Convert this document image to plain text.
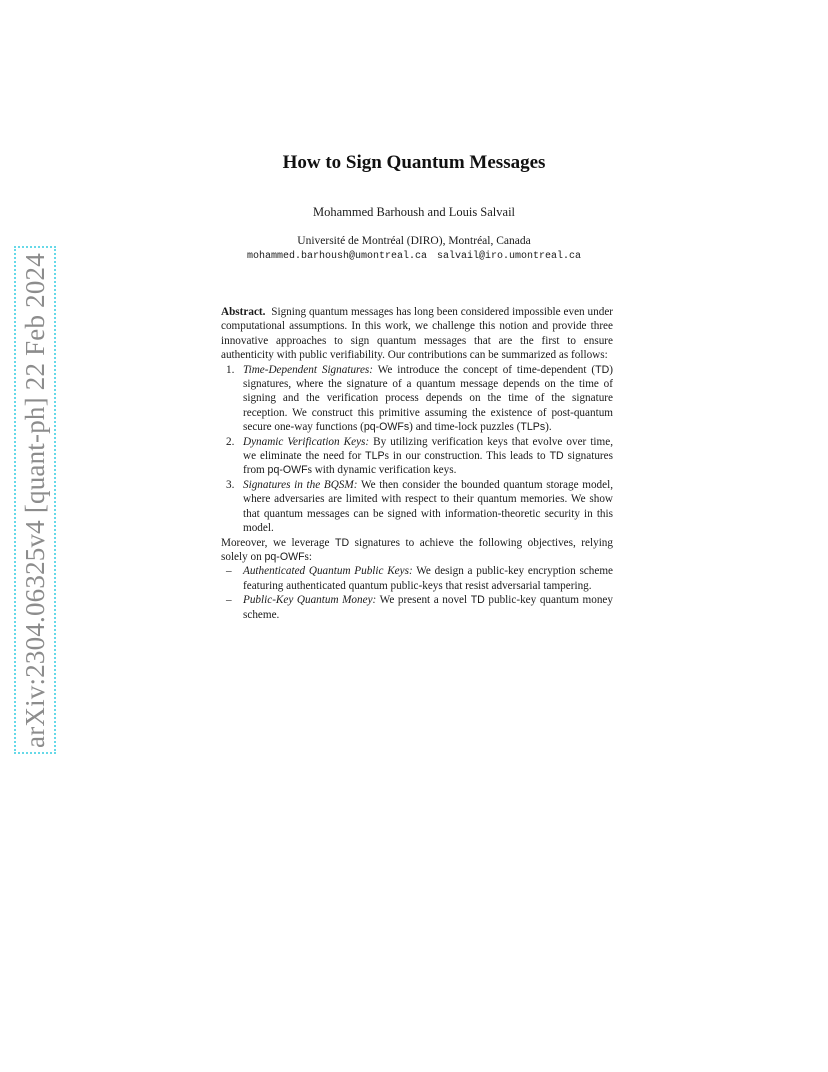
arXiv:2304.06325v4 [quant-ph] 22 Feb 2024
How to Sign Quantum Messages
Mohammed Barhoush and Louis Salvail
Université de Montréal (DIRO), Montréal, Canada
mohammed.barhoush@umontreal.ca salvail@iro.umontreal.ca

Abstract. Signing quantum messages has long been considered impossible even under computational assumptions. In this work, we challenge this notion and provide three innovative approaches to sign quantum messages that are the first to ensure authenticity with public verifiability. Our contributions can be summarized as follows:

Time-Dependent Signatures: We introduce the concept of time-dependent (TD) signatures, where the signature of a quantum message depends on the time of signing and the verification process depends on the time of the signature reception. We construct this primitive assuming the existence of post-quantum secure one-way functions (pq-OWFs) and time-lock puzzles (TLPs).
Dynamic Verification Keys: By utilizing verification keys that evolve over time, we eliminate the need for TLPs in our construction. This leads to TD signatures from pq-OWFs with dynamic verification keys.
Signatures in the BQSM: We then consider the bounded quantum storage model, where adversaries are limited with respect to their quantum memories. We show that quantum messages can be signed with information-theoretic security in this model.

Moreover, we leverage TD signatures to achieve the following objectives, relying solely on pq-OWFs:

– Authenticated Quantum Public Keys: We design a public-key encryption scheme featuring authenticated quantum public-keys that resist adversarial tampering.
– Public-Key Quantum Money: We present a novel TD public-key quantum money scheme.
